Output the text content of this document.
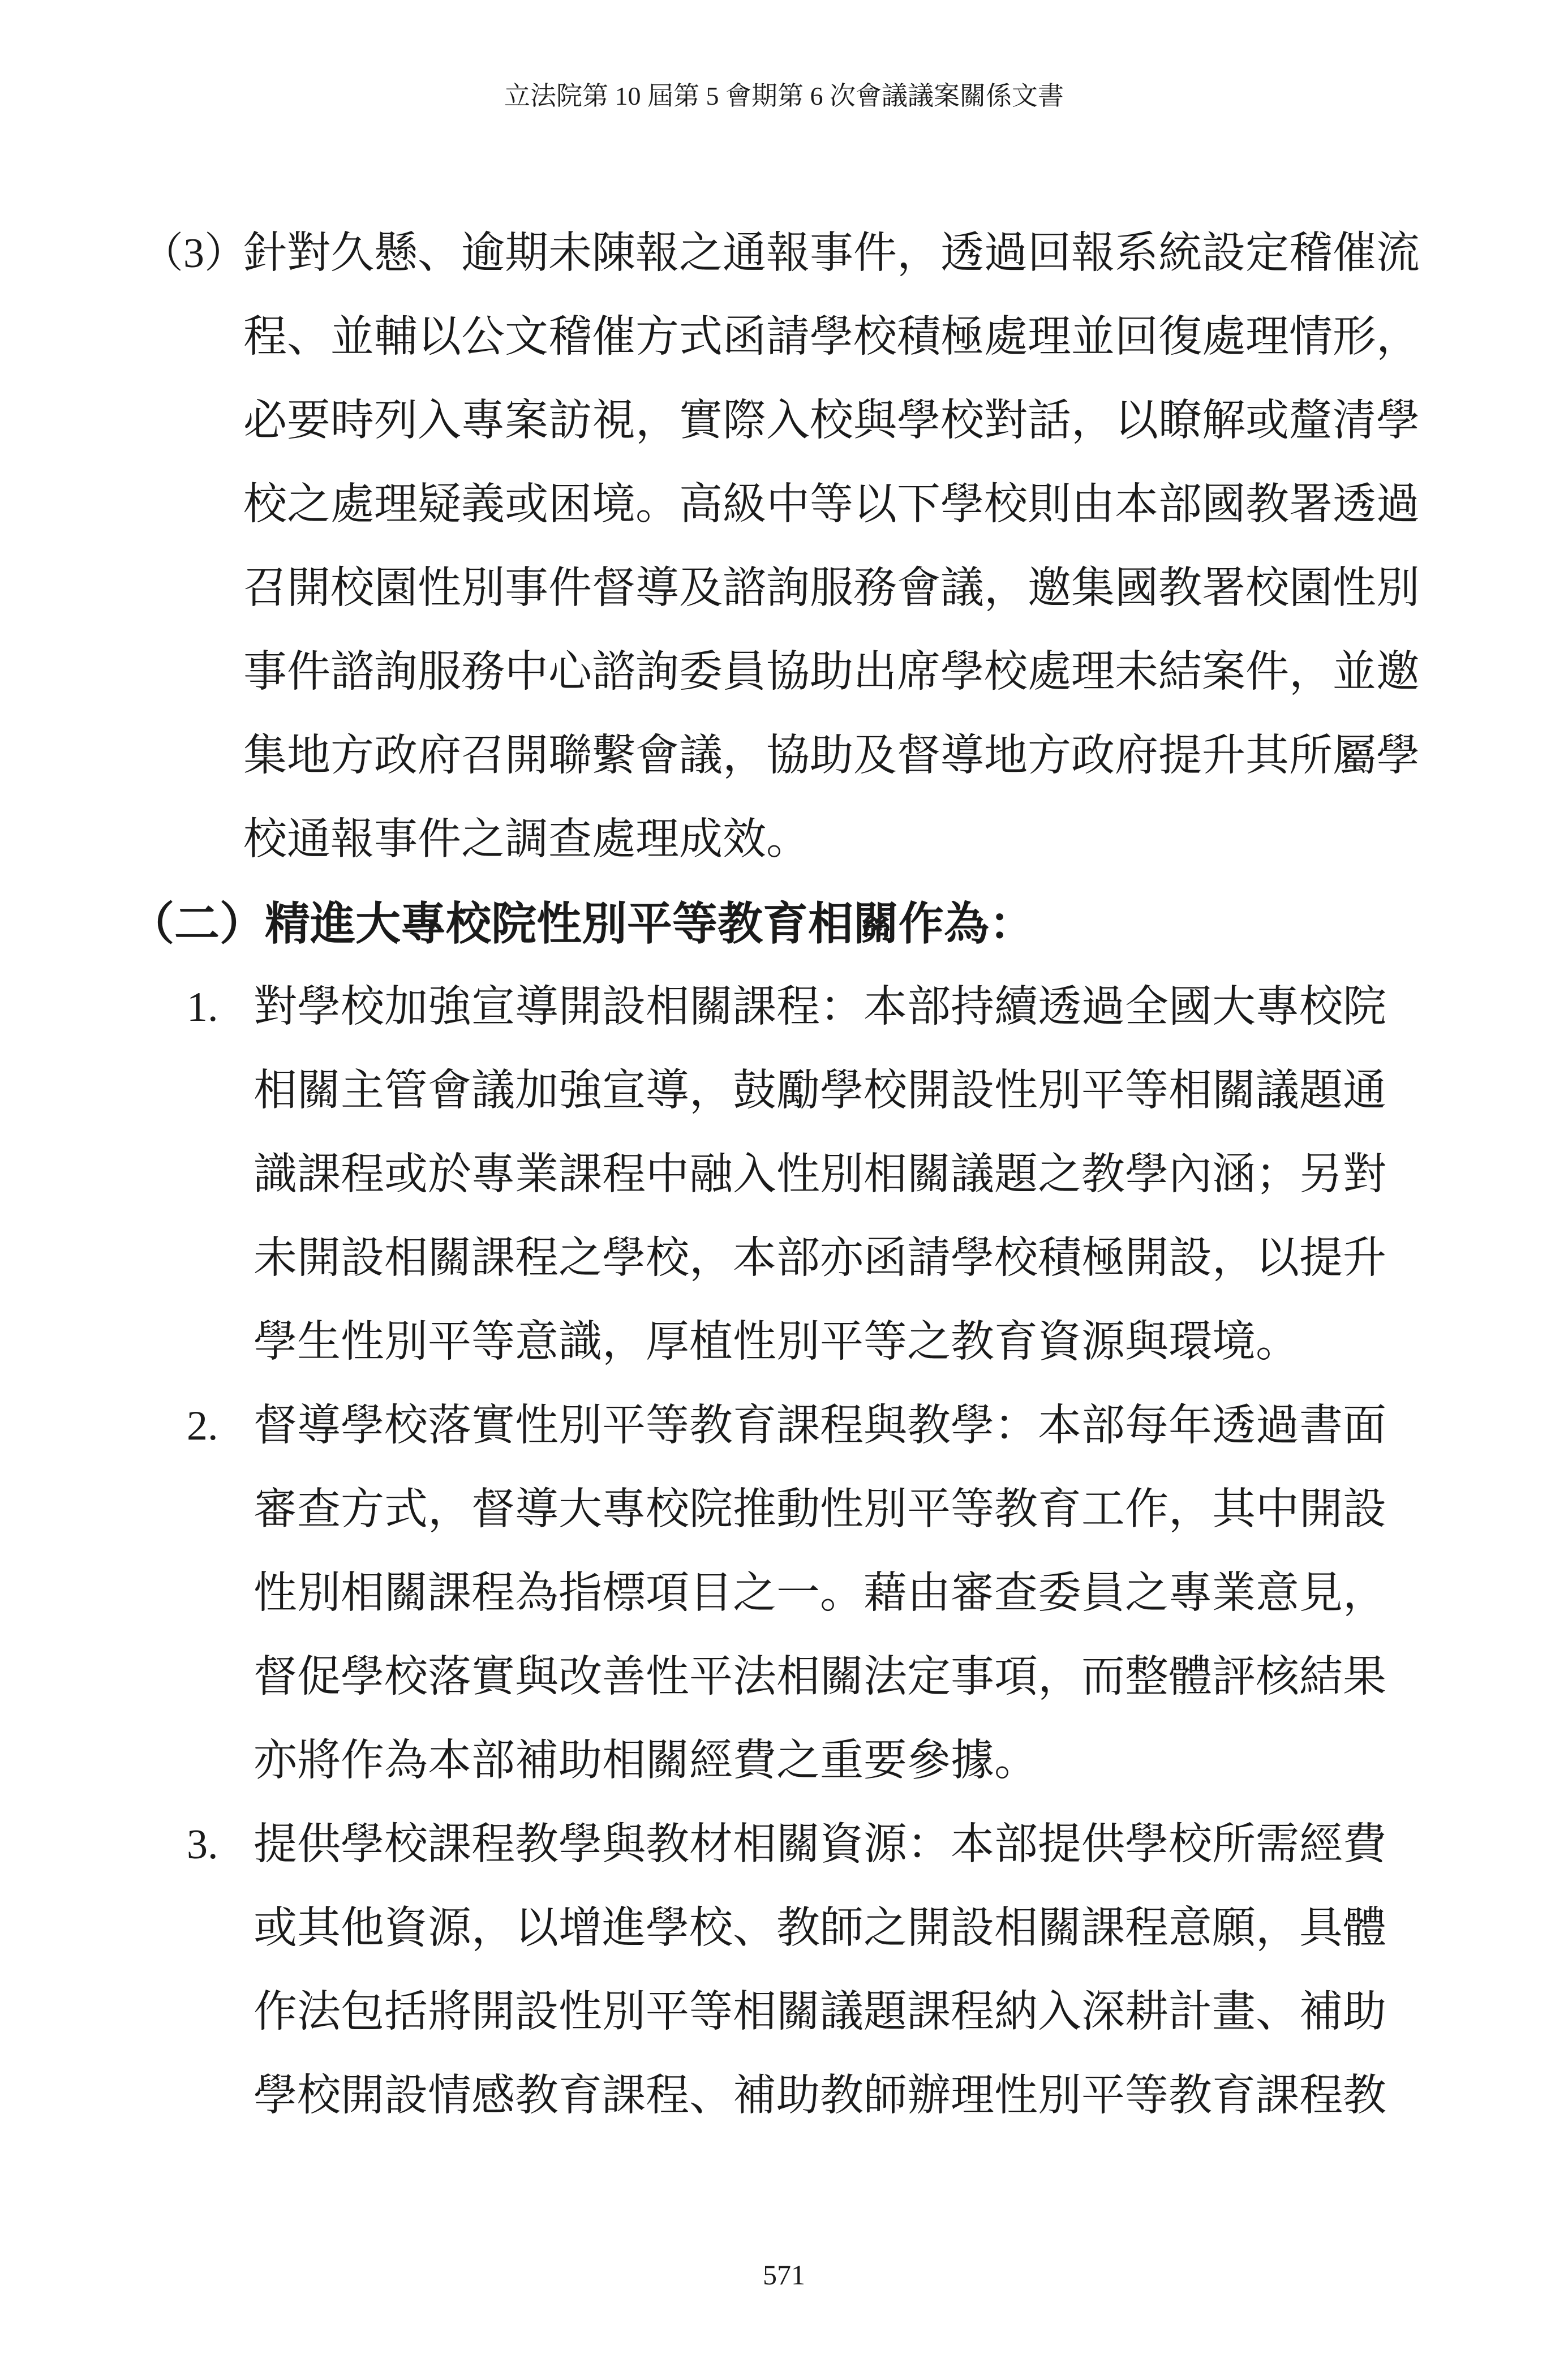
立法院第 10 屆第 5 會期第 6 次會議議案關係文書
（3）
針對久懸、逾期未陳報之通報事件，透過回報系統設定稽催流
程、並輔以公文稽催方式函請學校積極處理並回復處理情形，
必要時列入專案訪視，實際入校與學校對話，以瞭解或釐清學
校之處理疑義或困境。高級中等以下學校則由本部國教署透過
召開校園性別事件督導及諮詢服務會議，邀集國教署校園性別
事件諮詢服務中心諮詢委員協助出席學校處理未結案件，並邀
集地方政府召開聯繫會議，協助及督導地方政府提升其所屬學
校通報事件之調查處理成效。
（二）精進大專校院性別平等教育相關作為：
1. 對學校加強宣導開設相關課程：本部持續透過全國大專校院
相關主管會議加強宣導，鼓勵學校開設性別平等相關議題通
識課程或於專業課程中融入性別相關議題之教學內涵；另對
未開設相關課程之學校，本部亦函請學校積極開設，以提升
學生性別平等意識，厚植性別平等之教育資源與環境。
2. 督導學校落實性別平等教育課程與教學：本部每年透過書面
審查方式，督導大專校院推動性別平等教育工作，其中開設
性別相關課程為指標項目之一。藉由審查委員之專業意見，
督促學校落實與改善性平法相關法定事項，而整體評核結果
亦將作為本部補助相關經費之重要參據。
3. 提供學校課程教學與教材相關資源：本部提供學校所需經費
或其他資源，以增進學校、教師之開設相關課程意願，具體
作法包括將開設性別平等相關議題課程納入深耕計畫、補助
學校開設情感教育課程、補助教師辦理性別平等教育課程教
571
